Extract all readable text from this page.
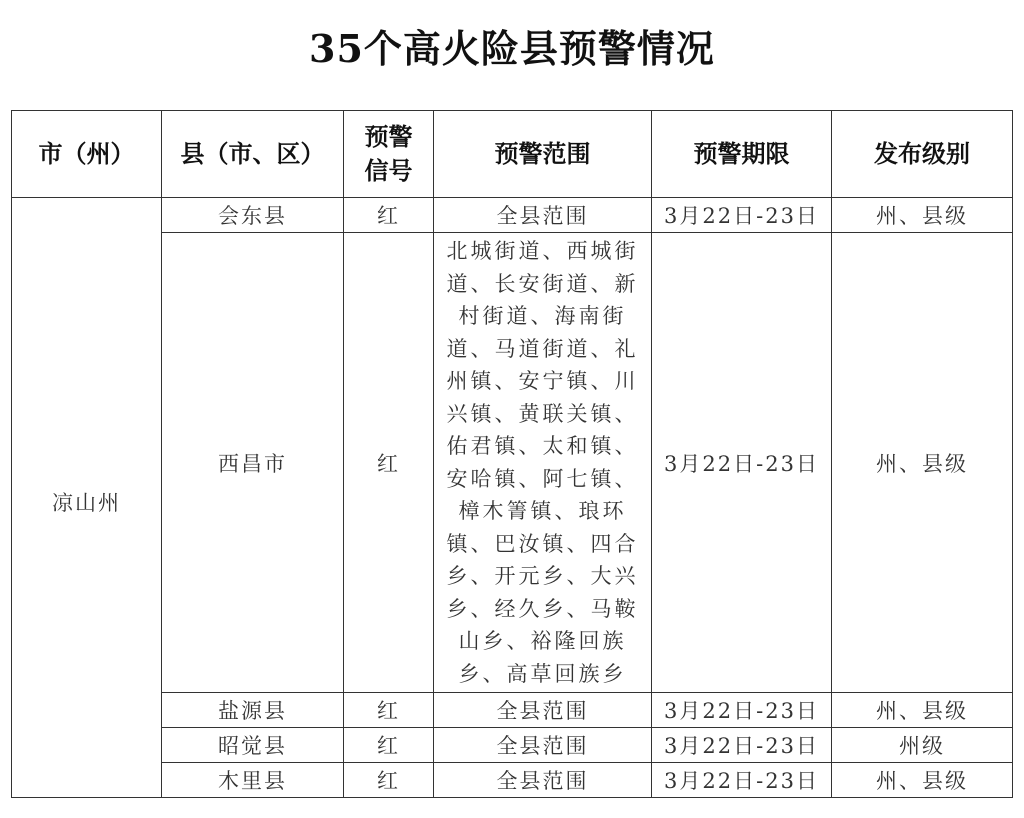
35个高火险县预警情况
市（州）	县（市、区）	预警信号	预警范围	预警期限	发布级别
凉山州	会东县	红	全县范围	3月22日-23日	州、县级
	西昌市	红	北城街道、西城街道、长安街道、新村街道、海南街道、马道街道、礼州镇、安宁镇、川兴镇、黄联关镇、佑君镇、太和镇、安哈镇、阿七镇、樟木箐镇、琅环镇、巴汝镇、四合乡、开元乡、大兴乡、经久乡、马鞍山乡、裕隆回族乡、高草回族乡	3月22日-23日	州、县级
	盐源县	红	全县范围	3月22日-23日	州、县级
	昭觉县	红	全县范围	3月22日-23日	州级
	木里县	红	全县范围	3月22日-23日	州、县级
